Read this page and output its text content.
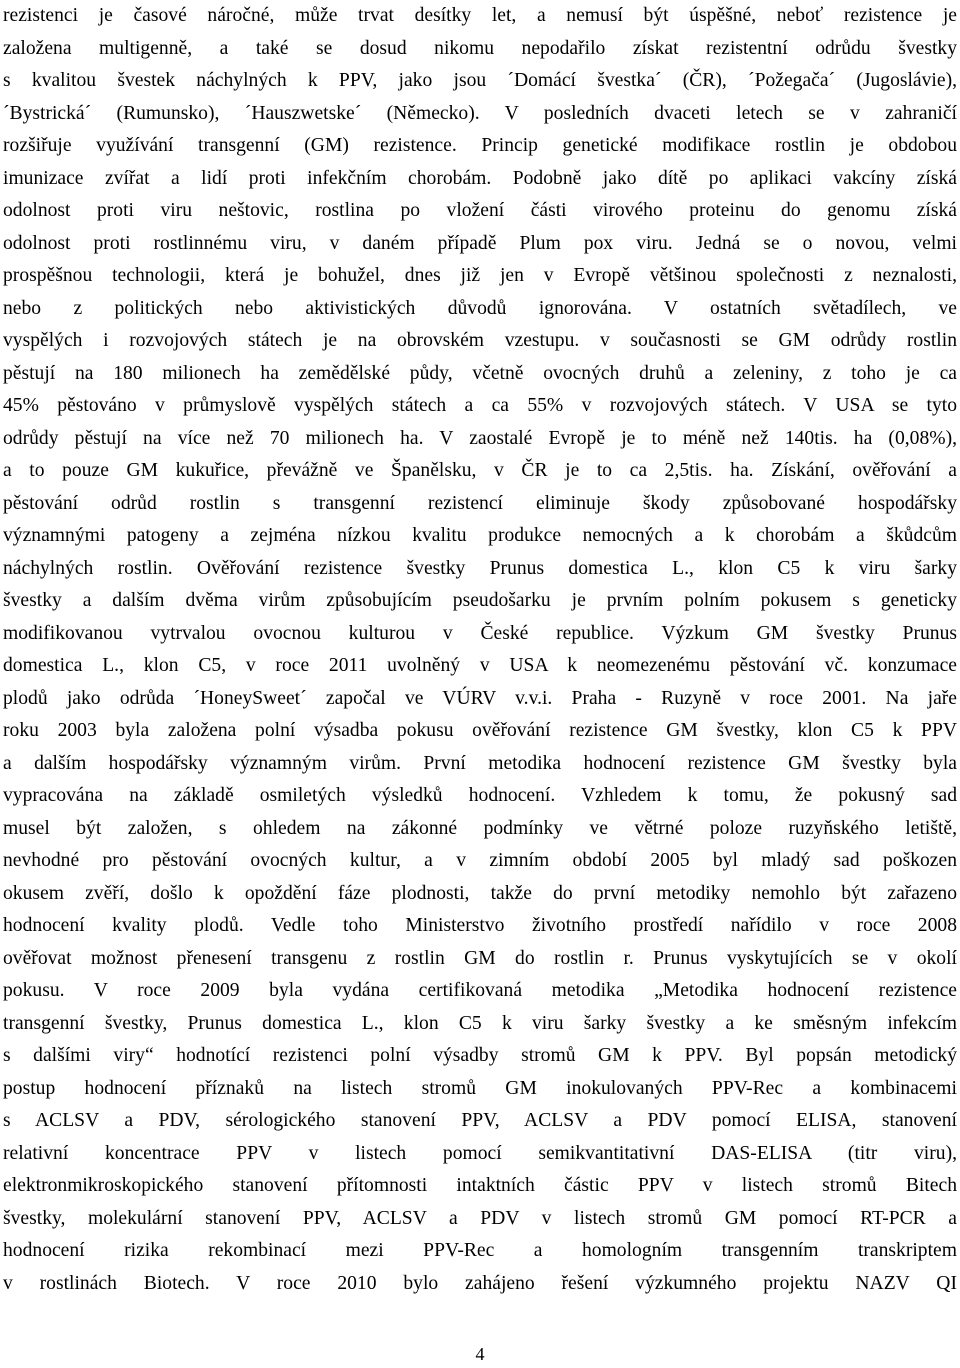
rezistenci je časové náročné, může trvat desítky let, a nemusí být úspěšné, neboť rezistence je
založena multigenně, a také se dosud nikomu nepodařilo získat rezistentní odrůdu švestky
s kvalitou švestek náchylných k PPV, jako jsou ´Domácí švestka´ (ČR), ´Požegača´ (Jugoslávie),
´Bystrická´ (Rumunsko), ´Hauszwetske´ (Německo). V posledních dvaceti letech se v zahraničí
rozšiřuje využívání transgenní (GM) rezistence. Princip genetické modifikace rostlin je obdobou
imunizace zvířat a lidí proti infekčním chorobám. Podobně jako dítě po aplikaci vakcíny získá
odolnost proti viru neštovic, rostlina po vložení části virového proteinu do genomu získá
odolnost proti rostlinnému viru, v daném případě Plum pox viru. Jedná se o novou, velmi
prospěšnou technologii, která je bohužel, dnes již jen v Evropě většinou společnosti z neznalosti,
nebo z politických nebo aktivistických důvodů ignorována. V ostatních světadílech, ve
vyspělých i rozvojových státech je na obrovském vzestupu. v současnosti se GM odrůdy rostlin
pěstují na 180 milionech ha zemědělské půdy, včetně ovocných druhů a zeleniny, z toho je ca
45% pěstováno v průmyslově vyspělých státech a ca 55% v rozvojových státech. V USA se tyto
odrůdy pěstují na více než 70 milionech ha. V zaostalé Evropě je to méně než 140tis. ha (0,08%),
a to pouze GM kukuřice, převážně ve Španělsku, v ČR je to ca 2,5tis. ha. Získání, ověřování a
pěstování odrůd rostlin s transgenní rezistencí eliminuje škody způsobované hospodářsky
významnými patogeny a zejména nízkou kvalitu produkce nemocných a k chorobám a škůdcům
náchylných rostlin. Ověřování rezistence švestky Prunus domestica L., klon C5 k viru šarky
švestky a dalším dvěma virům způsobujícím pseudošarku je prvním polním pokusem s geneticky
modifikovanou vytrvalou ovocnou kulturou v České republice. Výzkum GM švestky Prunus
domestica L., klon C5, v roce 2011 uvolněný v USA k neomezenému pěstování vč. konzumace
plodů jako odrůda ´HoneySweet´ započal ve VÚRV v.v.i. Praha - Ruzyně v roce 2001. Na jaře
roku 2003 byla založena polní výsadba pokusu ověřování rezistence GM švestky, klon C5 k PPV
a dalším hospodářsky významným virům. První metodika hodnocení rezistence GM švestky byla
vypracována na základě osmiletých výsledků hodnocení. Vzhledem k tomu, že pokusný sad
musel být založen, s ohledem na zákonné podmínky ve větrné poloze ruzyňského letiště,
nevhodné pro pěstování ovocných kultur, a v zimním období 2005 byl mladý sad poškozen
okusem zvěří, došlo k opoždění fáze plodnosti, takže do první metodiky nemohlo být zařazeno
hodnocení kvality plodů. Vedle toho Ministerstvo životního prostředí nařídilo v roce 2008
ověřovat možnost přenesení transgenu z rostlin GM do rostlin r. Prunus vyskytujících se v okolí
pokusu. V roce 2009 byla vydána certifikovaná metodika „Metodika hodnocení rezistence
transgenní švestky, Prunus domestica L., klon C5 k viru šarky švestky a ke směsným infekcím
s dalšími viry“ hodnotící rezistenci polní výsadby stromů GM k PPV. Byl popsán metodický
postup hodnocení příznaků na listech stromů GM inokulovaných PPV-Rec a kombinacemi
s ACLSV a PDV, sérologického stanovení PPV, ACLSV a PDV pomocí ELISA, stanovení
relativní koncentrace PPV v listech pomocí semikvantitativní DAS-ELISA (titr viru),
elektronmikroskopického stanovení přítomnosti intaktních částic PPV v listech stromů Bitech
švestky, molekulární stanovení PPV, ACLSV a PDV v listech stromů GM pomocí RT-PCR a
hodnocení rizika rekombinací mezi PPV-Rec a homologním transgenním transkriptem
v rostlinách Biotech. V roce 2010 bylo zahájeno řešení výzkumného projektu NAZV QI
4
